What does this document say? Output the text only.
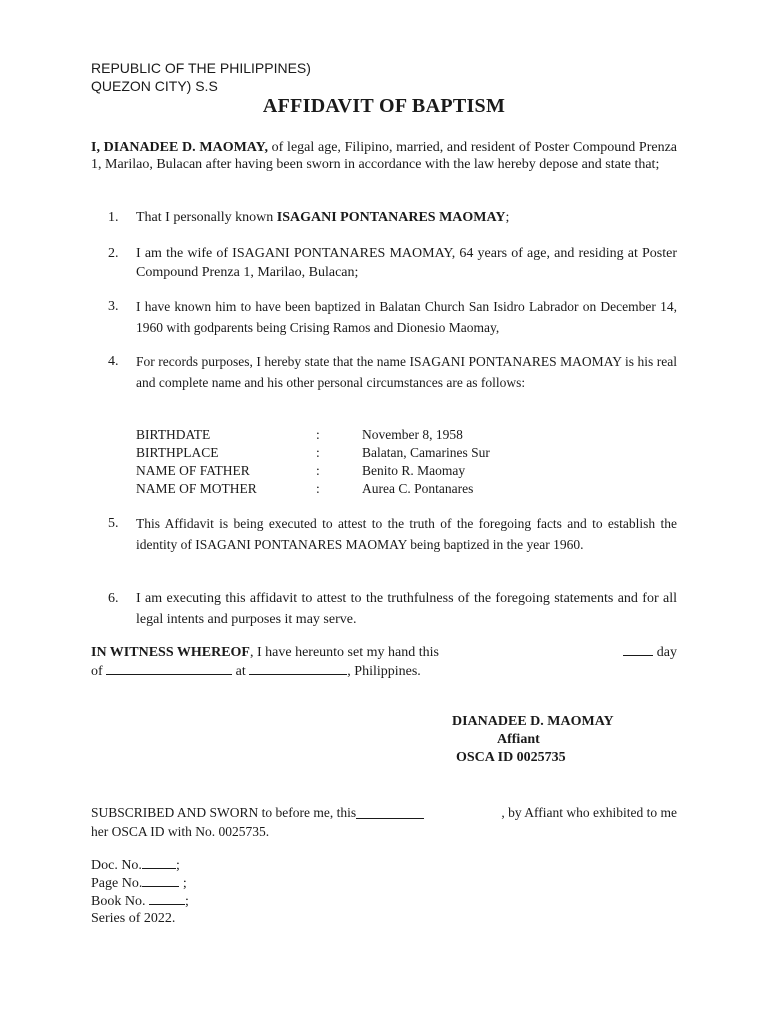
REPUBLIC OF THE PHILIPPINES)
QUEZON CITY) S.S
AFFIDAVIT OF BAPTISM
I, DIANADEE D. MAOMAY, of legal age, Filipino, married, and resident of Poster Compound Prenza 1, Marilao, Bulacan after having been sworn in accordance with the law hereby depose and state that;
1.	That I personally known ISAGANI PONTANARES MAOMAY;
2.	I am the wife of ISAGANI PONTANARES MAOMAY, 64 years of age, and residing at Poster Compound Prenza 1, Marilao, Bulacan;
3.	I have known him to have been baptized in Balatan Church San Isidro Labrador on December 14, 1960 with godparents being Crising Ramos and Dionesio Maomay,
4.	For records purposes, I hereby state that the name ISAGANI PONTANARES MAOMAY is his real and complete name and his other personal circumstances are as follows:
BIRTHDATE	:	November 8, 1958
BIRTHPLACE	:	Balatan, Camarines Sur
NAME OF FATHER	:	Benito R. Maomay
NAME OF MOTHER	:	Aurea C. Pontanares
5.	This Affidavit is being executed to attest to the truth of the foregoing facts and to establish the identity of ISAGANI PONTANARES MAOMAY being baptized in the year 1960.
6.	I am executing this affidavit to attest to the truthfulness of the foregoing statements and for all legal intents and purposes it may serve.
IN WITNESS WHEREOF, I have hereunto set my hand this	day
of	at	, Philippines.
DIANADEE D. MAOMAY
Affiant
OSCA ID 0025735
SUBSCRIBED AND SWORN to before me, this	, by Affiant who exhibited to me
her OSCA ID with No. 0025735.
Doc. No. ;
Page No.	;
Book No.	;
Series of 2022.
